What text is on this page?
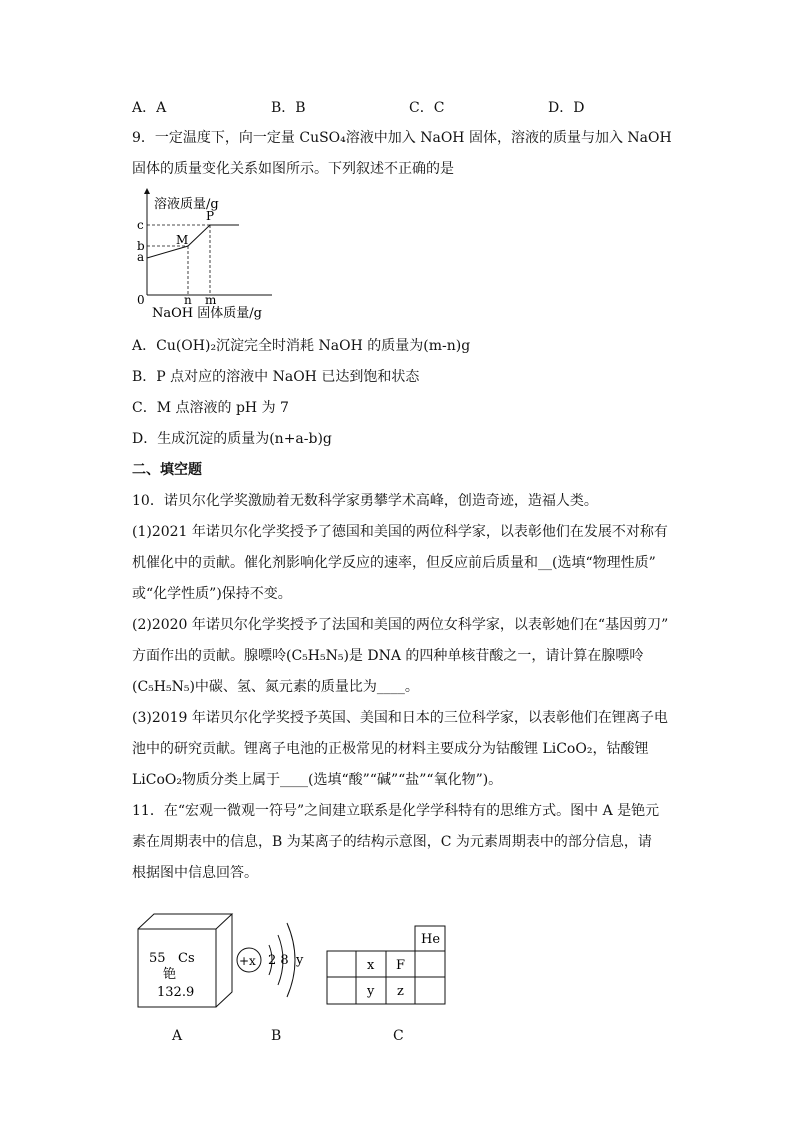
A．A	B．B	C．C	D．D
9．一定温度下，向一定量 CuSO₄溶液中加入 NaOH 固体，溶液的质量与加入 NaOH
固体的质量变化关系如图所示。下列叙述不正确的是
溶液质量/g
c
b
a
0	n m
M
P
NaOH 固体质量/g
A．Cu(OH)₂沉淀完全时消耗 NaOH 的质量为(m-n)g
B．P 点对应的溶液中 NaOH 已达到饱和状态
C．M 点溶液的 pH 为 7
D．生成沉淀的质量为(n+a-b)g
二、填空题
10．诺贝尔化学奖激励着无数科学家勇攀学术高峰，创造奇迹，造福人类。
(1)2021 年诺贝尔化学奖授予了德国和美国的两位科学家，以表彰他们在发展不对称有
机催化中的贡献。催化剂影响化学反应的速率，但反应前后质量和__(选填“物理性质”
或“化学性质”)保持不变。
(2)2020 年诺贝尔化学奖授予了法国和美国的两位女科学家，以表彰她们在“基因剪刀”
方面作出的贡献。腺嘌呤(C₅H₅N₅)是 DNA 的四种单核苷酸之一，请计算在腺嘌呤
(C₅H₅N₅)中碳、氢、氮元素的质量比为____。
(3)2019 年诺贝尔化学奖授予英国、美国和日本的三位科学家，以表彰他们在锂离子电
池中的研究贡献。锂离子电池的正极常见的材料主要成分为钴酸锂 LiCoO₂，钴酸锂
LiCoO₂物质分类上属于____(选填“酸”“碱”“盐”“氧化物”)。
11．在“宏观一微观一符号”之间建立联系是化学学科特有的思维方式。图中 A 是铯元
素在周期表中的信息，B 为某离子的结构示意图，C 为元素周期表中的部分信息，请
根据图中信息回答。
55 Cs
铯
132.9
+x 2 8 y
He
x F
y z
A	B	C
